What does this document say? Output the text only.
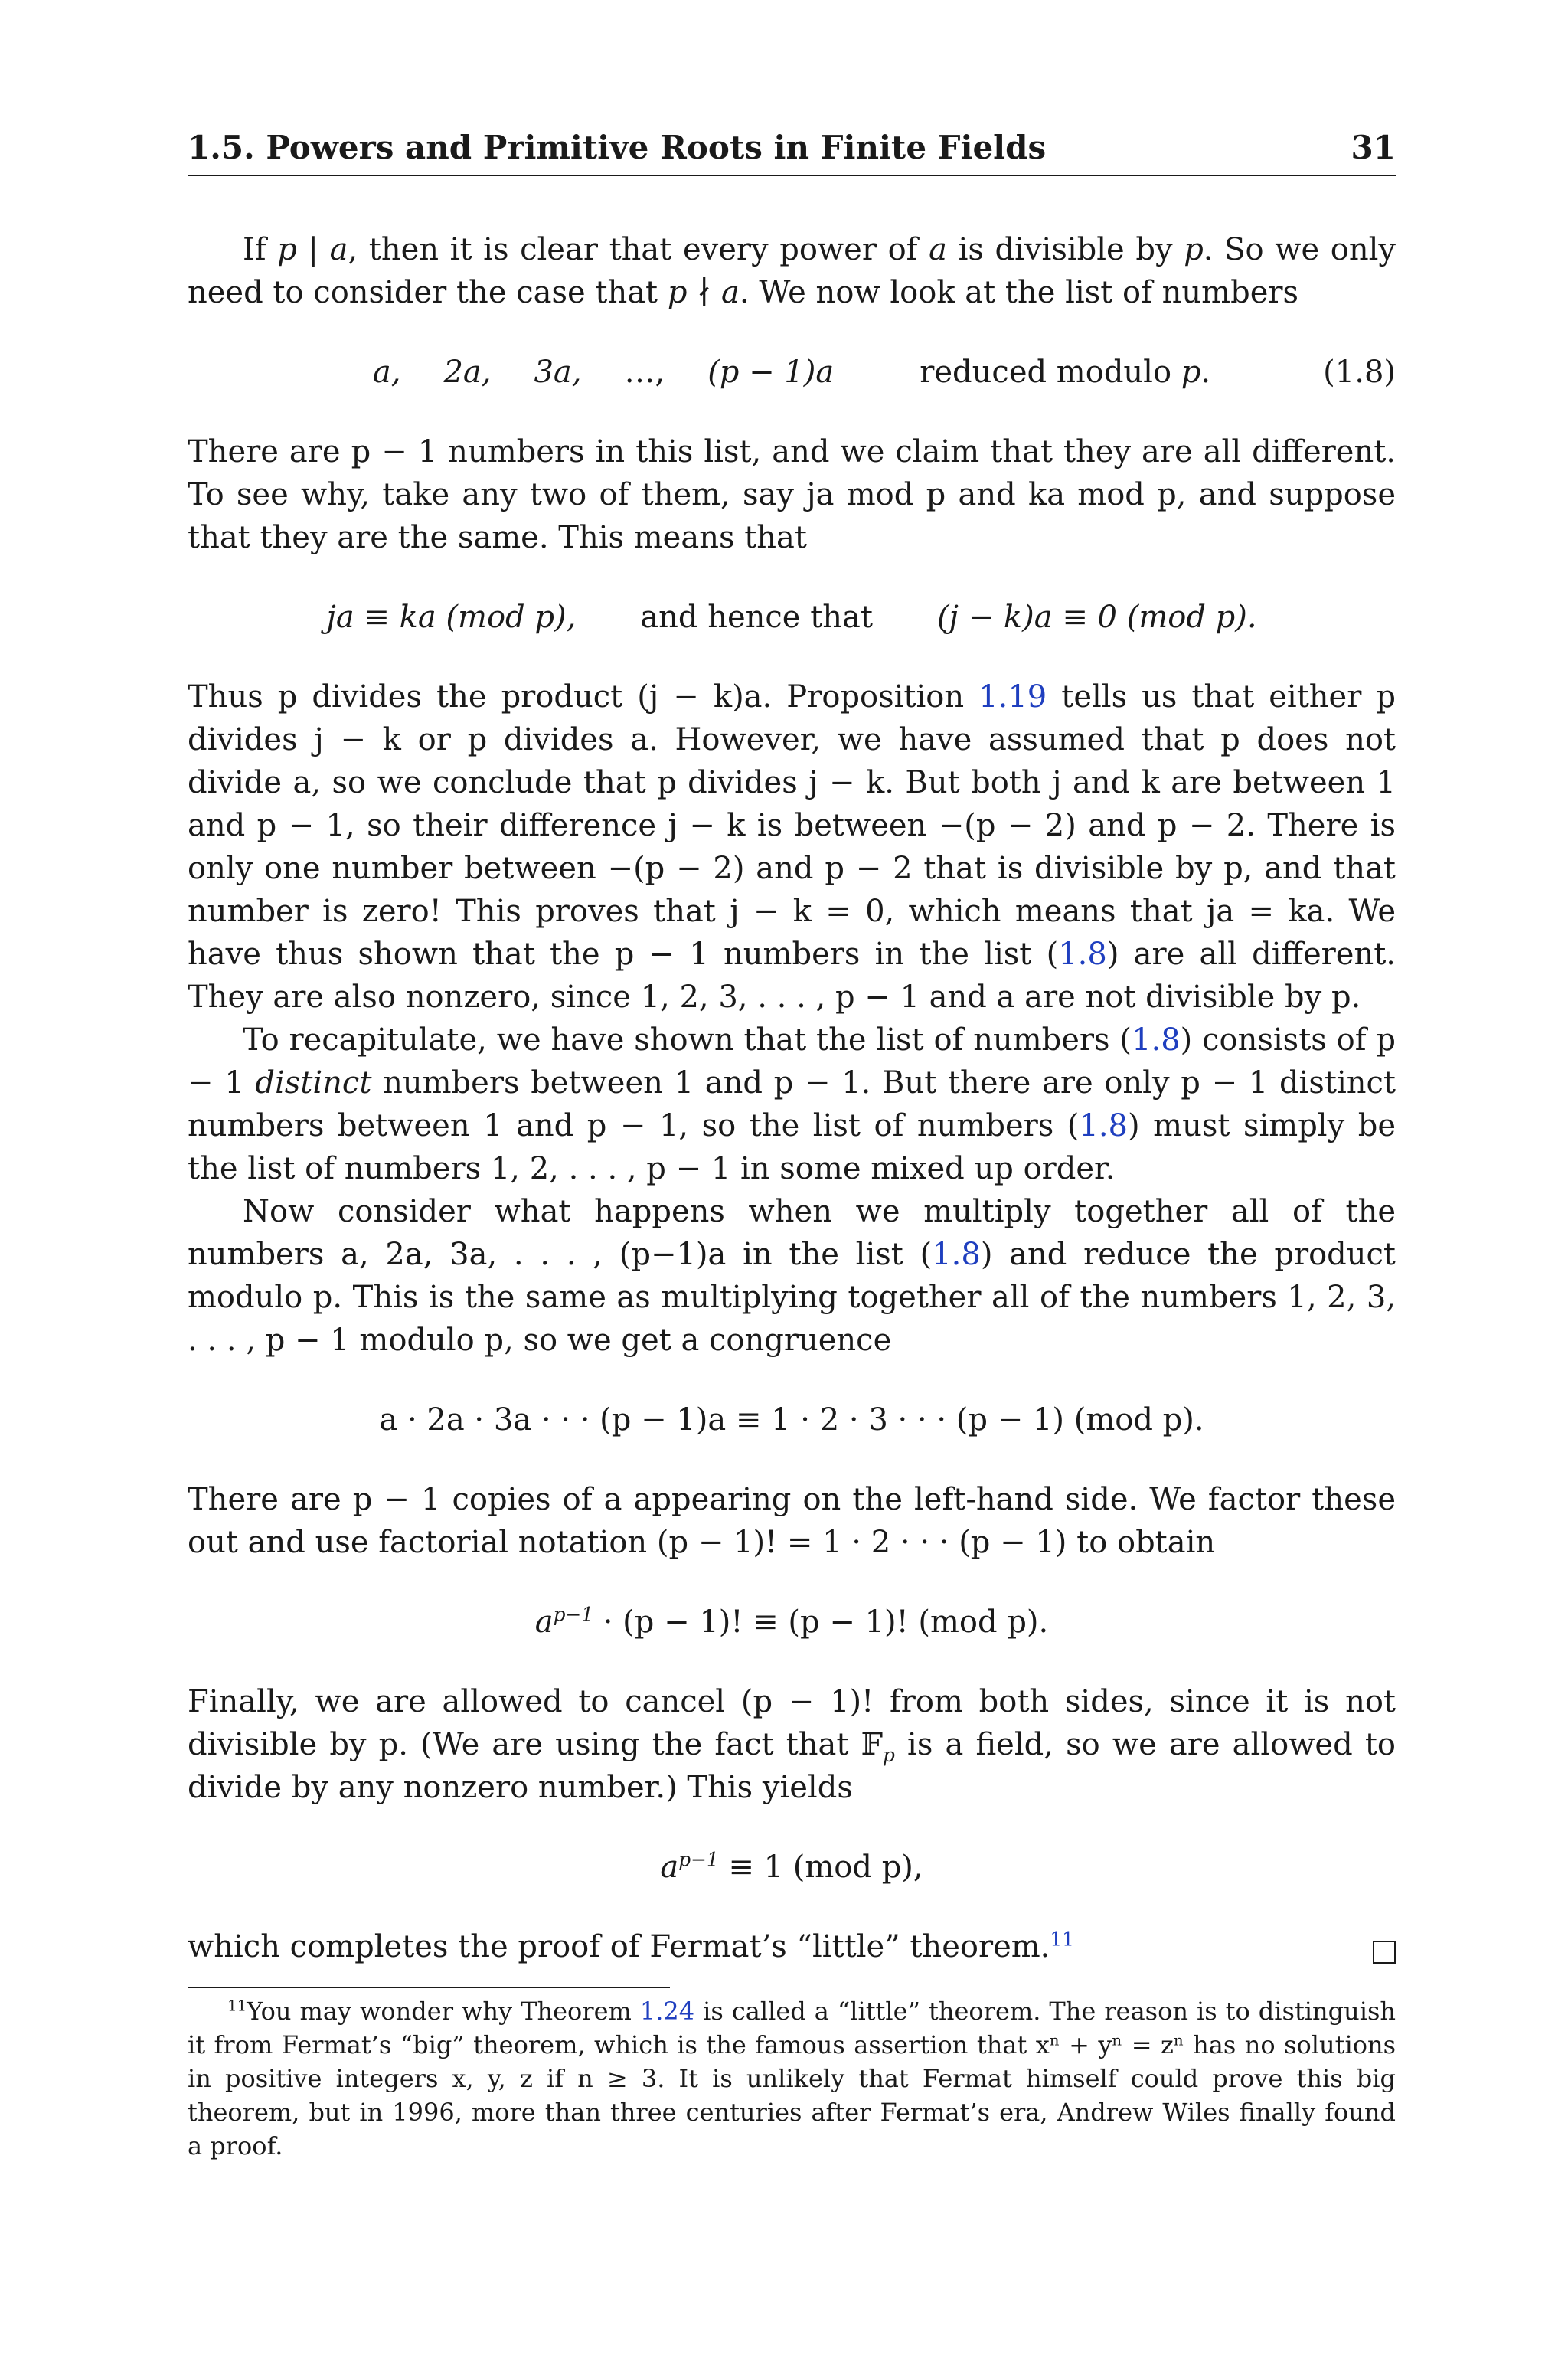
1.5. Powers and Primitive Roots in Finite Fields	31

If p | a, then it is clear that every power of a is divisible by p. So we only need to consider the case that p ∤ a. We now look at the list of numbers

a, 2a, 3a, …, (p − 1)a	reduced modulo p.	(1.8)

There are p − 1 numbers in this list, and we claim that they are all different. To see why, take any two of them, say ja mod p and ka mod p, and suppose that they are the same. This means that

ja ≡ ka (mod p), and hence that (j − k)a ≡ 0 (mod p).

Thus p divides the product (j − k)a. Proposition 1.19 tells us that either p divides j − k or p divides a. However, we have assumed that p does not divide a, so we conclude that p divides j − k. But both j and k are between 1 and p − 1, so their difference j − k is between −(p − 2) and p − 2. There is only one number between −(p − 2) and p − 2 that is divisible by p, and that number is zero! This proves that j − k = 0, which means that ja = ka. We have thus shown that the p − 1 numbers in the list (1.8) are all different. They are also nonzero, since 1, 2, 3, . . . , p − 1 and a are not divisible by p.

To recapitulate, we have shown that the list of numbers (1.8) consists of p − 1 distinct numbers between 1 and p − 1. But there are only p − 1 distinct numbers between 1 and p − 1, so the list of numbers (1.8) must simply be the list of numbers 1, 2, . . . , p − 1 in some mixed up order.

Now consider what happens when we multiply together all of the numbers a, 2a, 3a, . . . , (p−1)a in the list (1.8) and reduce the product modulo p. This is the same as multiplying together all of the numbers 1, 2, 3, . . . , p − 1 modulo p, so we get a congruence

a · 2a · 3a · · · (p − 1)a ≡ 1 · 2 · 3 · · · (p − 1) (mod p).

There are p − 1 copies of a appearing on the left-hand side. We factor these out and use factorial notation (p − 1)! = 1 · 2 · · · (p − 1) to obtain

$a^{p-1} \cdot (p - 1)$! ≡ (p − 1)! (mod p).

Finally, we are allowed to cancel (p − 1)! from both sides, since it is not divisible by p. (We are using the fact that 𝔽$_p$ is a field, so we are allowed to divide by any nonzero number.) This yields

$a^{p-1} \equiv 1$ (mod p),

which completes the proof of Fermat’s “little” theorem.$^{11}$

$^{11}$You may wonder why Theorem 1.24 is called a “little” theorem. The reason is to distinguish it from Fermat’s “big” theorem, which is the famous assertion that xⁿ + yⁿ = zⁿ has no solutions in positive integers x, y, z if n ≥ 3. It is unlikely that Fermat himself could prove this big theorem, but in 1996, more than three centuries after Fermat’s era, Andrew Wiles finally found a proof.
